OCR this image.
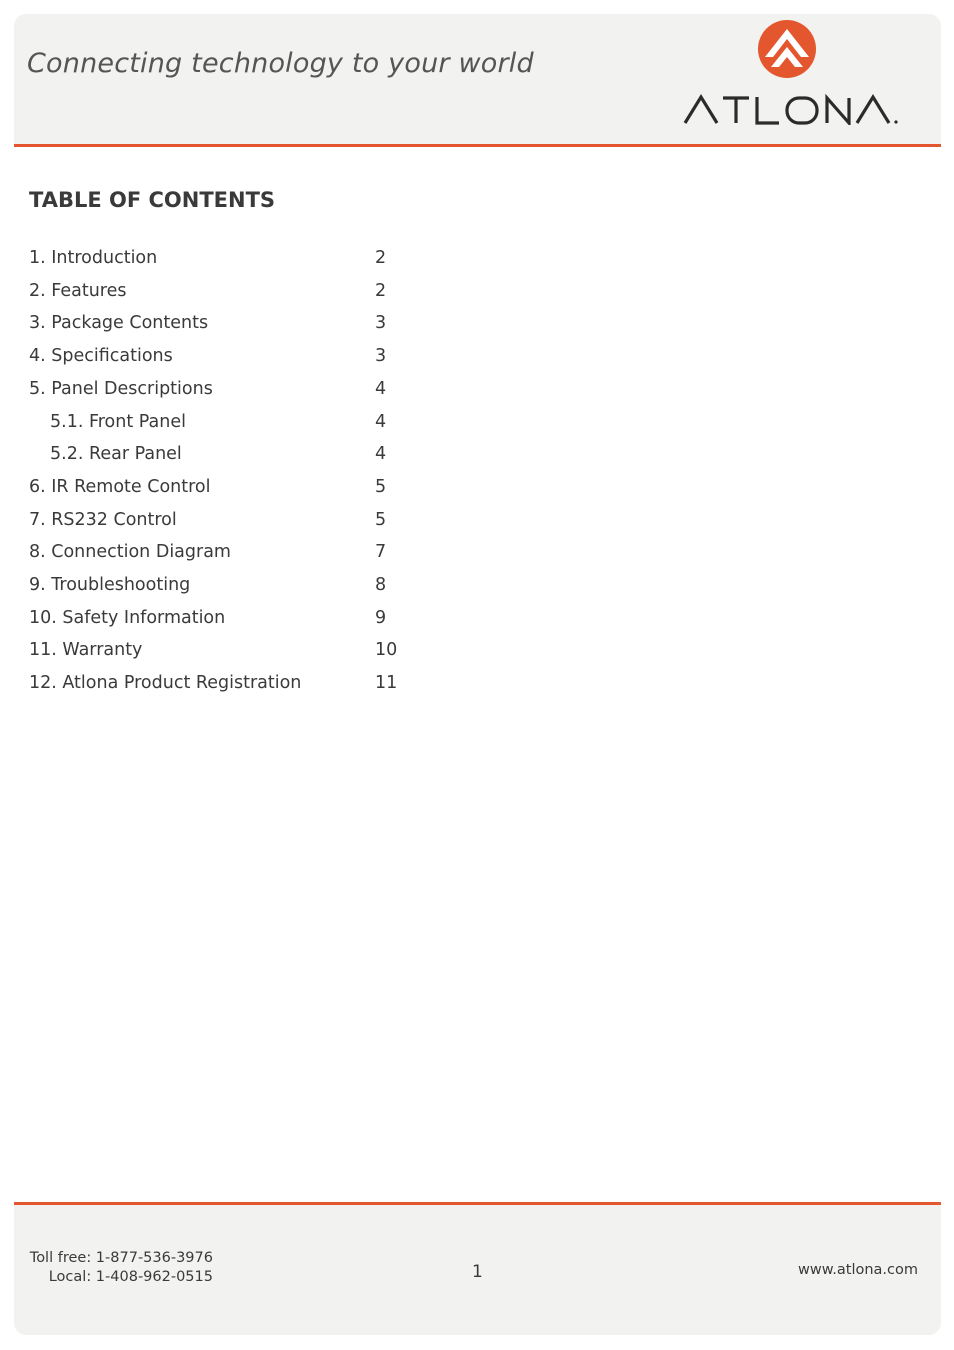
Connecting technology to your world
TABLE OF CONTENTS
1. Introduction	2
2. Features	2
3. Package Contents	3
4. Specifications	3
5. Panel Descriptions	4
5.1. Front Panel	4
5.2. Rear Panel	4
6. IR Remote Control	5
7. RS232 Control	5
8. Connection Diagram	7
9. Troubleshooting	8
10. Safety Information	9
11. Warranty	10
12. Atlona Product Registration	11
Toll free: 1-877-536-3976
Local: 1-408-962-0515	1	www.atlona.com
